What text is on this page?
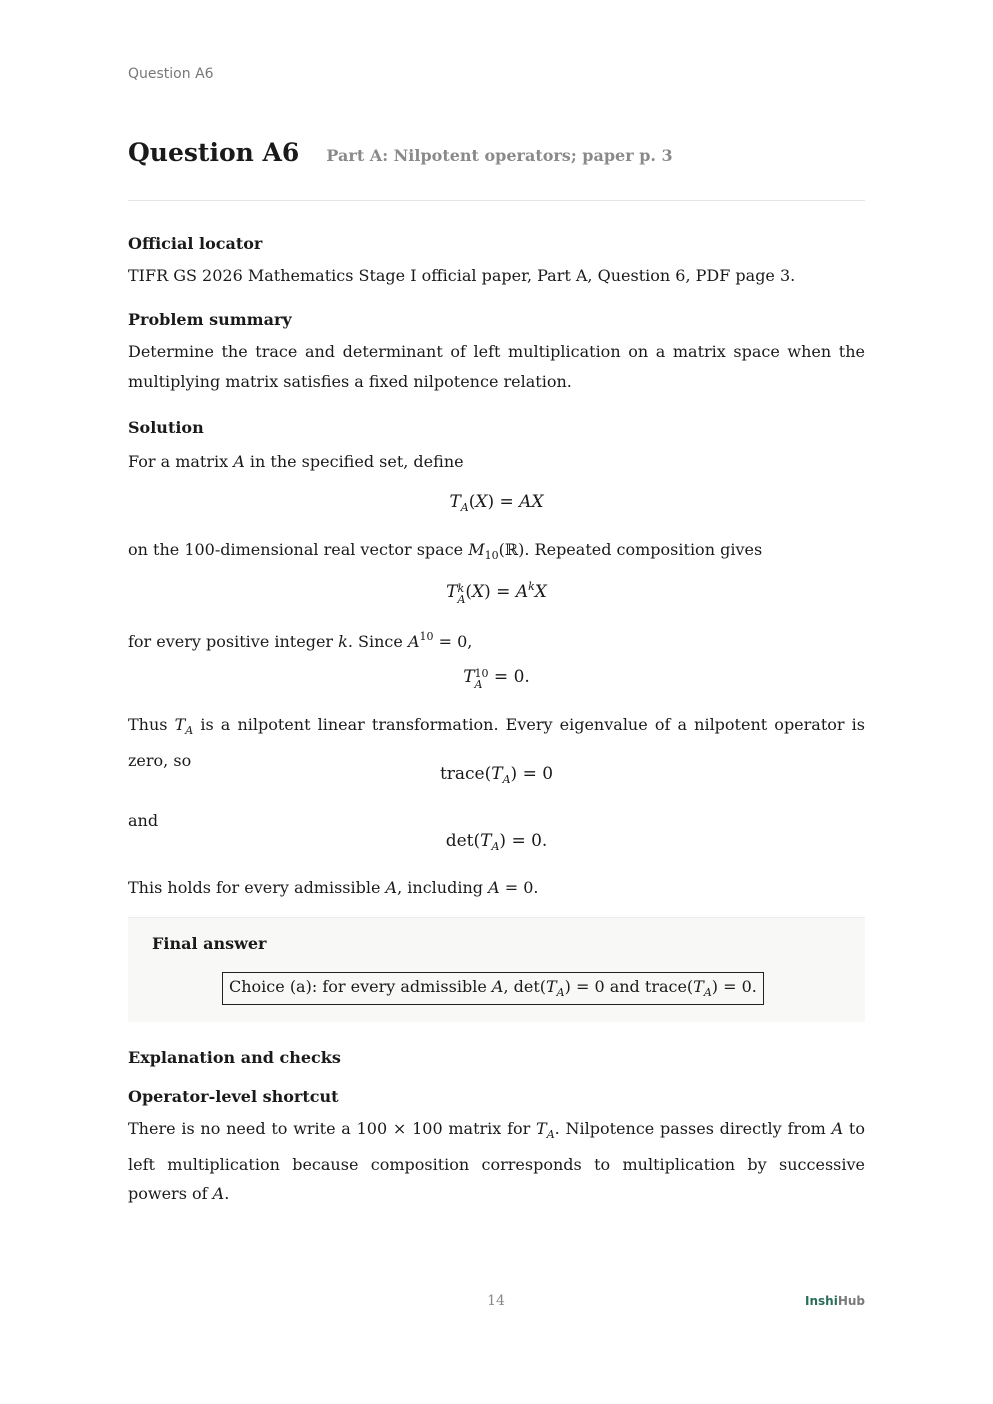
Question A6
Question A6 Part A: Nilpotent operators; paper p. 3
Official locator

TIFR GS 2026 Mathematics Stage I official paper, Part A, Question 6, PDF page 3.

Problem summary

Determine the trace and determinant of left multiplication on a matrix space when the multiplying matrix satisfies a fixed nilpotence relation.

Solution

For a matrix A in the specified set, define

$T_A(X)$ = AX

on the 100-dimensional real vector space $M_{10}(ℝ)$. Repeated composition gives

Tk
$A(X) = A^kX$

for every positive integer k. Since $A^{10} = 0$,

T10
A = 0.

Thus $T_A$ is a nilpotent linear transformation. Every eigenvalue of a nilpotent operator is zero, so

$trace(T_A) = 0$

and

$\det(T_A) = 0$.

This holds for every admissible A, including A = 0.

Final answer
Choice (a): for every admissible A, $\det(T_A) = 0$ and $trace(T_A) = 0$.
Explanation and checks
Operator-level shortcut

There is no need to write a 100 × 100 matrix for $T_A$. Nilpotence passes directly from A to left multiplication because composition corresponds to multiplication by successive powers of A.

14	InshiHub
